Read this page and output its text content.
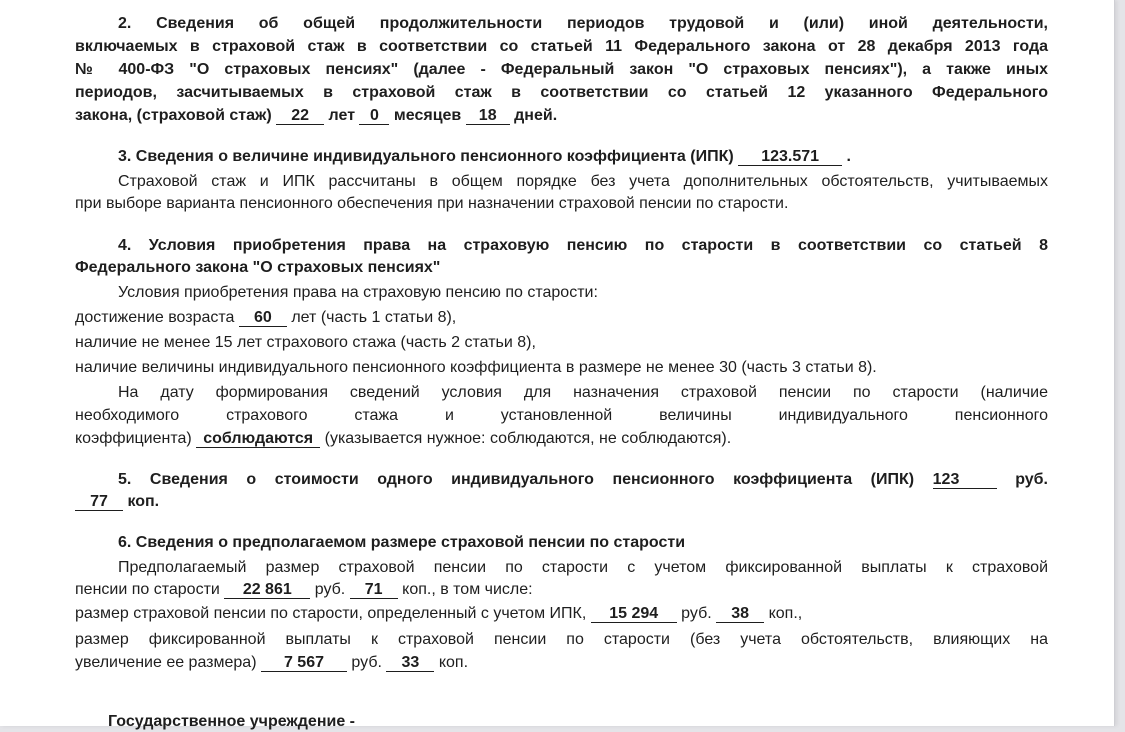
2. Сведения об общей продолжительности периодов трудовой и (или) иной деятельности,
включаемых в страховой стаж в соответствии со статьей 11 Федерального закона от 28 декабря 2013 года
№ 400-ФЗ "О страховых пенсиях" (далее - Федеральный закон "О страховых пенсиях"), а также иных
периодов, засчитываемых в страховой стаж в соответствии со статьей 12 указанного Федерального
закона, (страховой стаж) 22 лет 0 месяцев 18 дней.
3. Сведения о величине индивидуального пенсионного коэффициента (ИПК) 123.571 .
Страховой стаж и ИПК рассчитаны в общем порядке без учета дополнительных обстоятельств, учитываемых
при выборе варианта пенсионного обеспечения при назначении страховой пенсии по старости.
4. Условия приобретения права на страховую пенсию по старости в соответствии со статьей 8
Федерального закона "О страховых пенсиях"
Условия приобретения права на страховую пенсию по старости:
достижение возраста 60 лет (часть 1 статьи 8),
наличие не менее 15 лет страхового стажа (часть 2 статьи 8),
наличие величины индивидуального пенсионного коэффициента в размере не менее 30 (часть 3 статьи 8).
На дату формирования сведений условия для назначения страховой пенсии по старости (наличие
необходимого страхового стажа и установленной величины индивидуального пенсионного
коэффициента) соблюдаются (указывается нужное: соблюдаются, не соблюдаются).
5. Сведения о стоимости одного индивидуального пенсионного коэффициента (ИПК) 123 руб.
77 коп.
6. Сведения о предполагаемом размере страховой пенсии по старости
Предполагаемый размер страховой пенсии по старости с учетом фиксированной выплаты к страховой
пенсии по старости 22 861 руб. 71 коп., в том числе:
размер страховой пенсии по старости, определенный с учетом ИПК, 15 294 руб. 38 коп.,
размер фиксированной выплаты к страховой пенсии по старости (без учета обстоятельств, влияющих на
увеличение ее размера) 7 567 руб. 33 коп.
Государственное учреждение -
